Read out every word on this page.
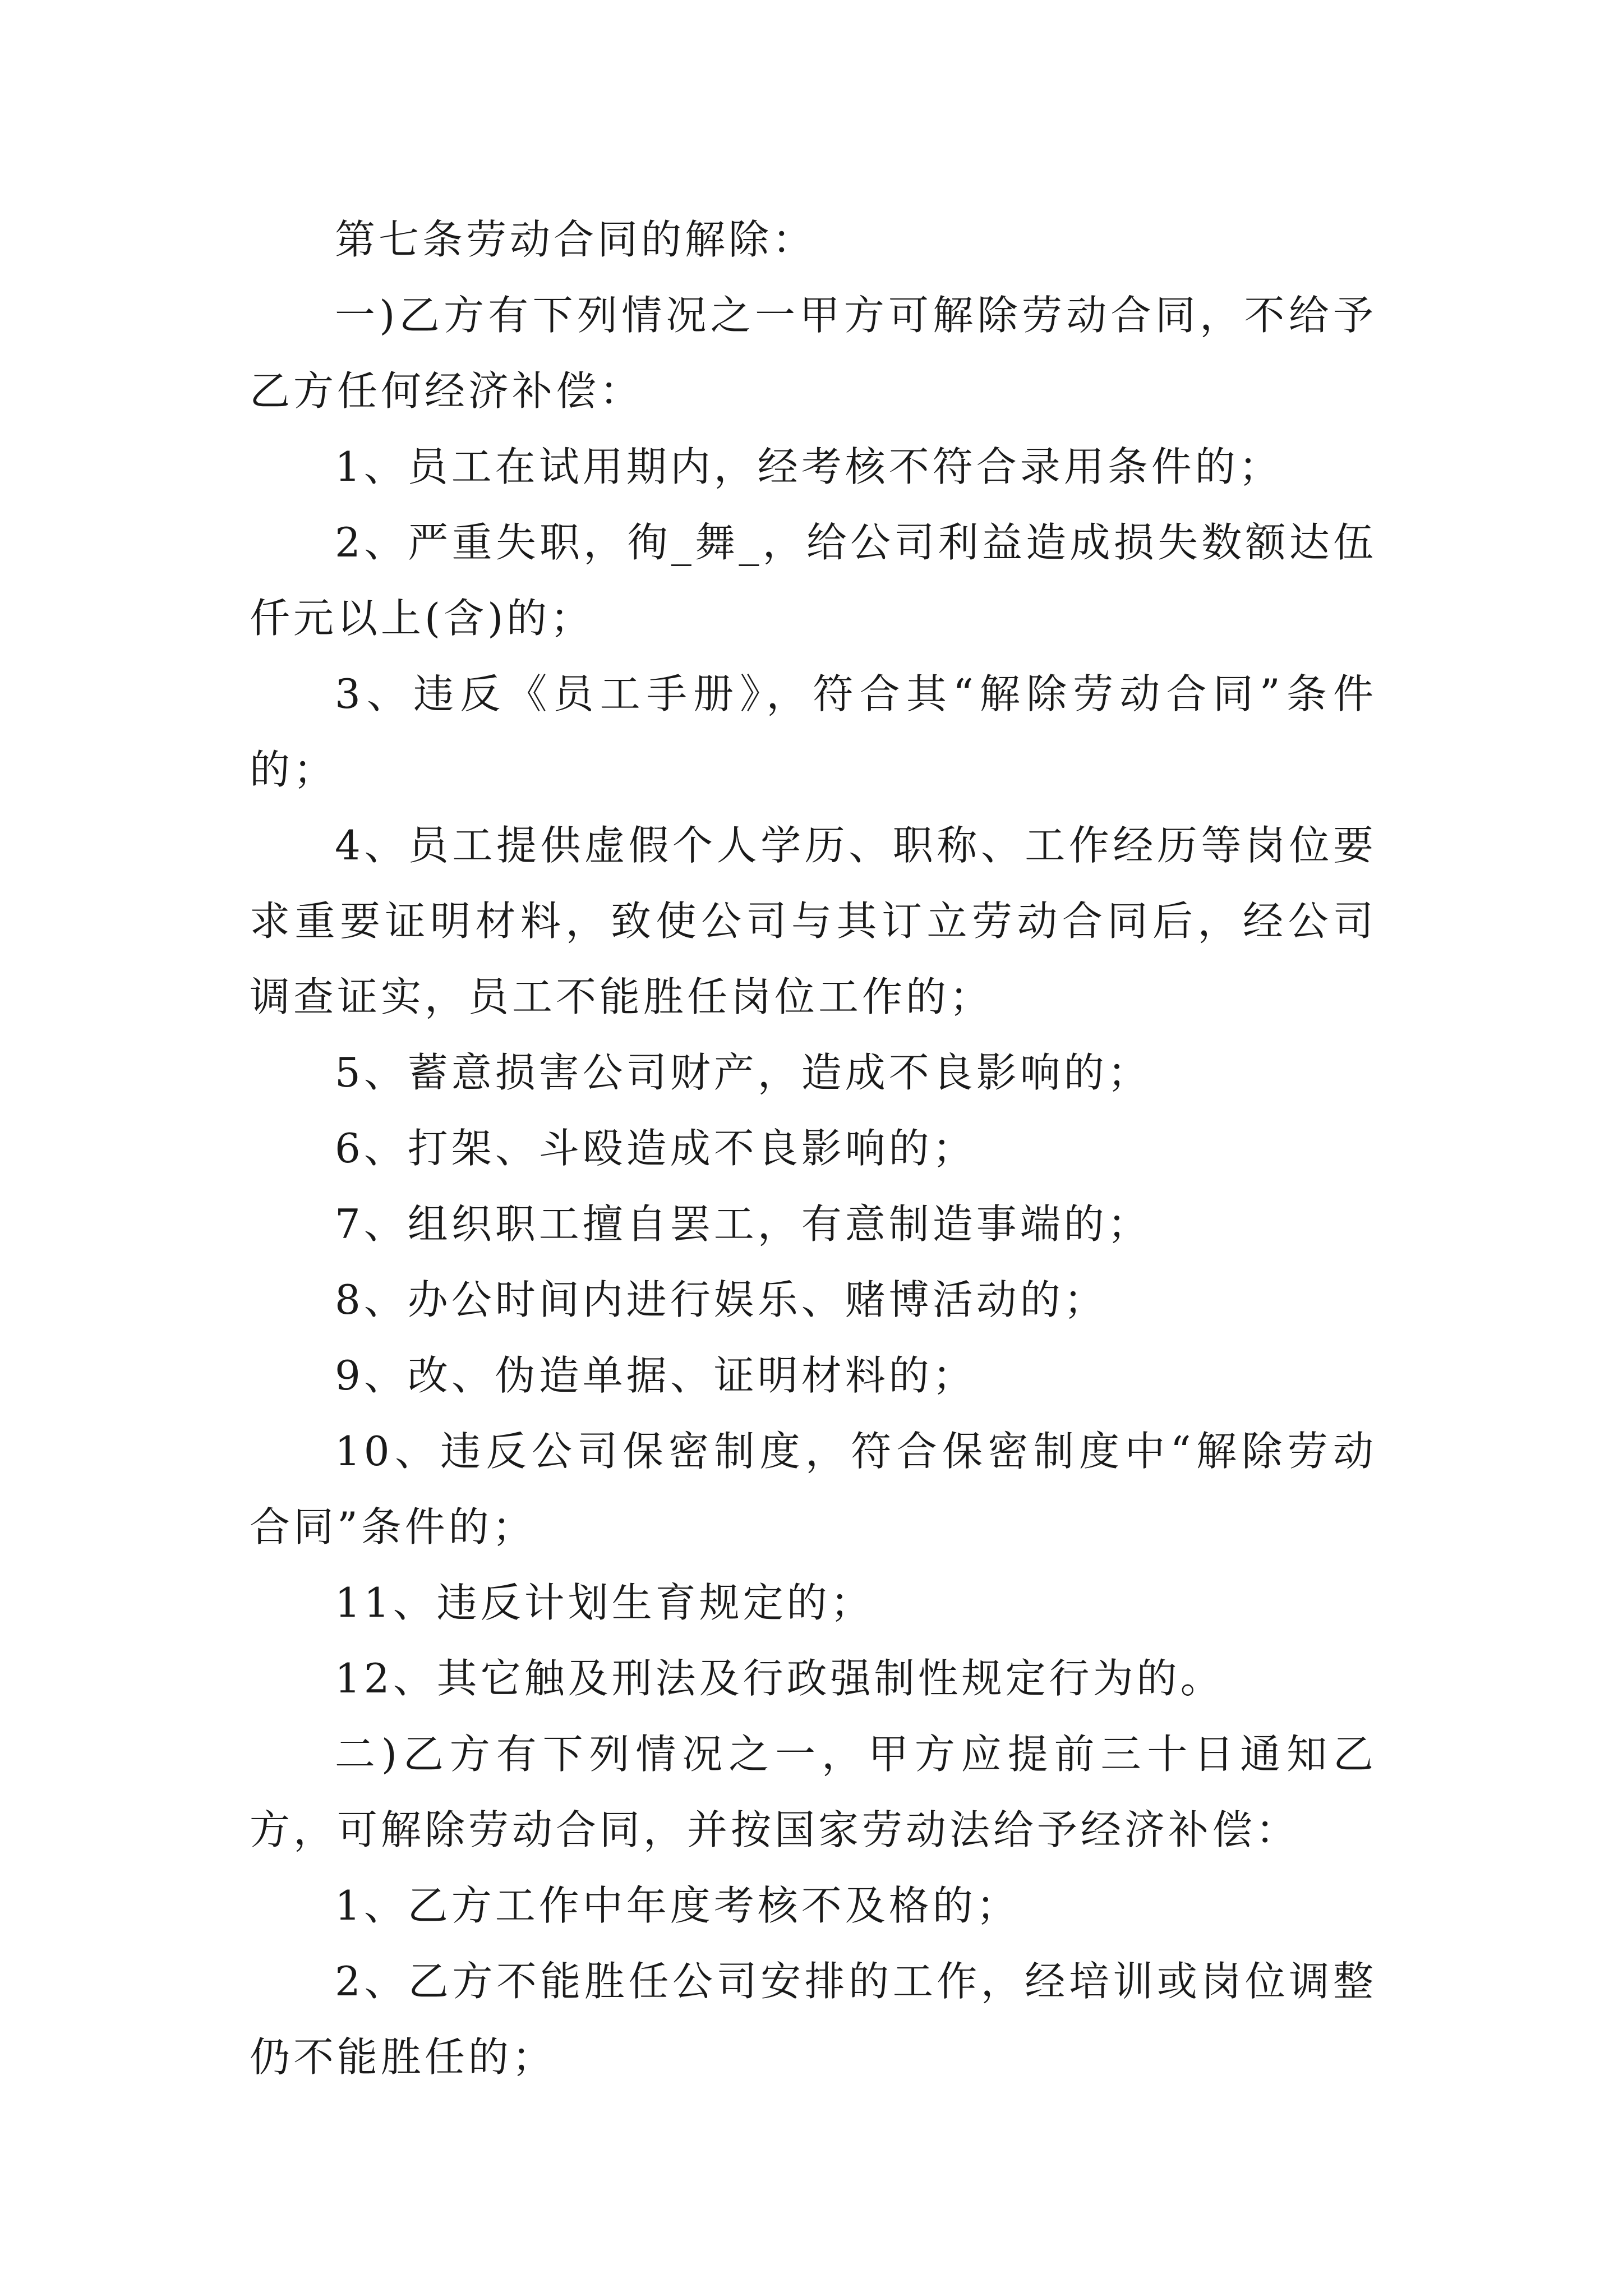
第七条劳动合同的解除：

一)乙方有下列情况之一甲方可解除劳动合同，不给予乙方任何经济补偿：

1、员工在试用期内，经考核不符合录用条件的；

2、严重失职，徇_舞_，给公司利益造成损失数额达伍仟元以上(含)的；

3、违反《员工手册》，符合其“解除劳动合同”条件的；

4、员工提供虚假个人学历、职称、工作经历等岗位要求重要证明材料，致使公司与其订立劳动合同后，经公司调查证实，员工不能胜任岗位工作的；

5、蓄意损害公司财产，造成不良影响的；

6、打架、斗殴造成不良影响的；

7、组织职工擅自罢工，有意制造事端的；

8、办公时间内进行娱乐、赌博活动的；

9、改、伪造单据、证明材料的；

10、违反公司保密制度，符合保密制度中“解除劳动合同”条件的；

11、违反计划生育规定的；

12、其它触及刑法及行政强制性规定行为的。

二)乙方有下列情况之一，甲方应提前三十日通知乙方，可解除劳动合同，并按国家劳动法给予经济补偿：

1、乙方工作中年度考核不及格的；

2、乙方不能胜任公司安排的工作，经培训或岗位调整仍不能胜任的；
